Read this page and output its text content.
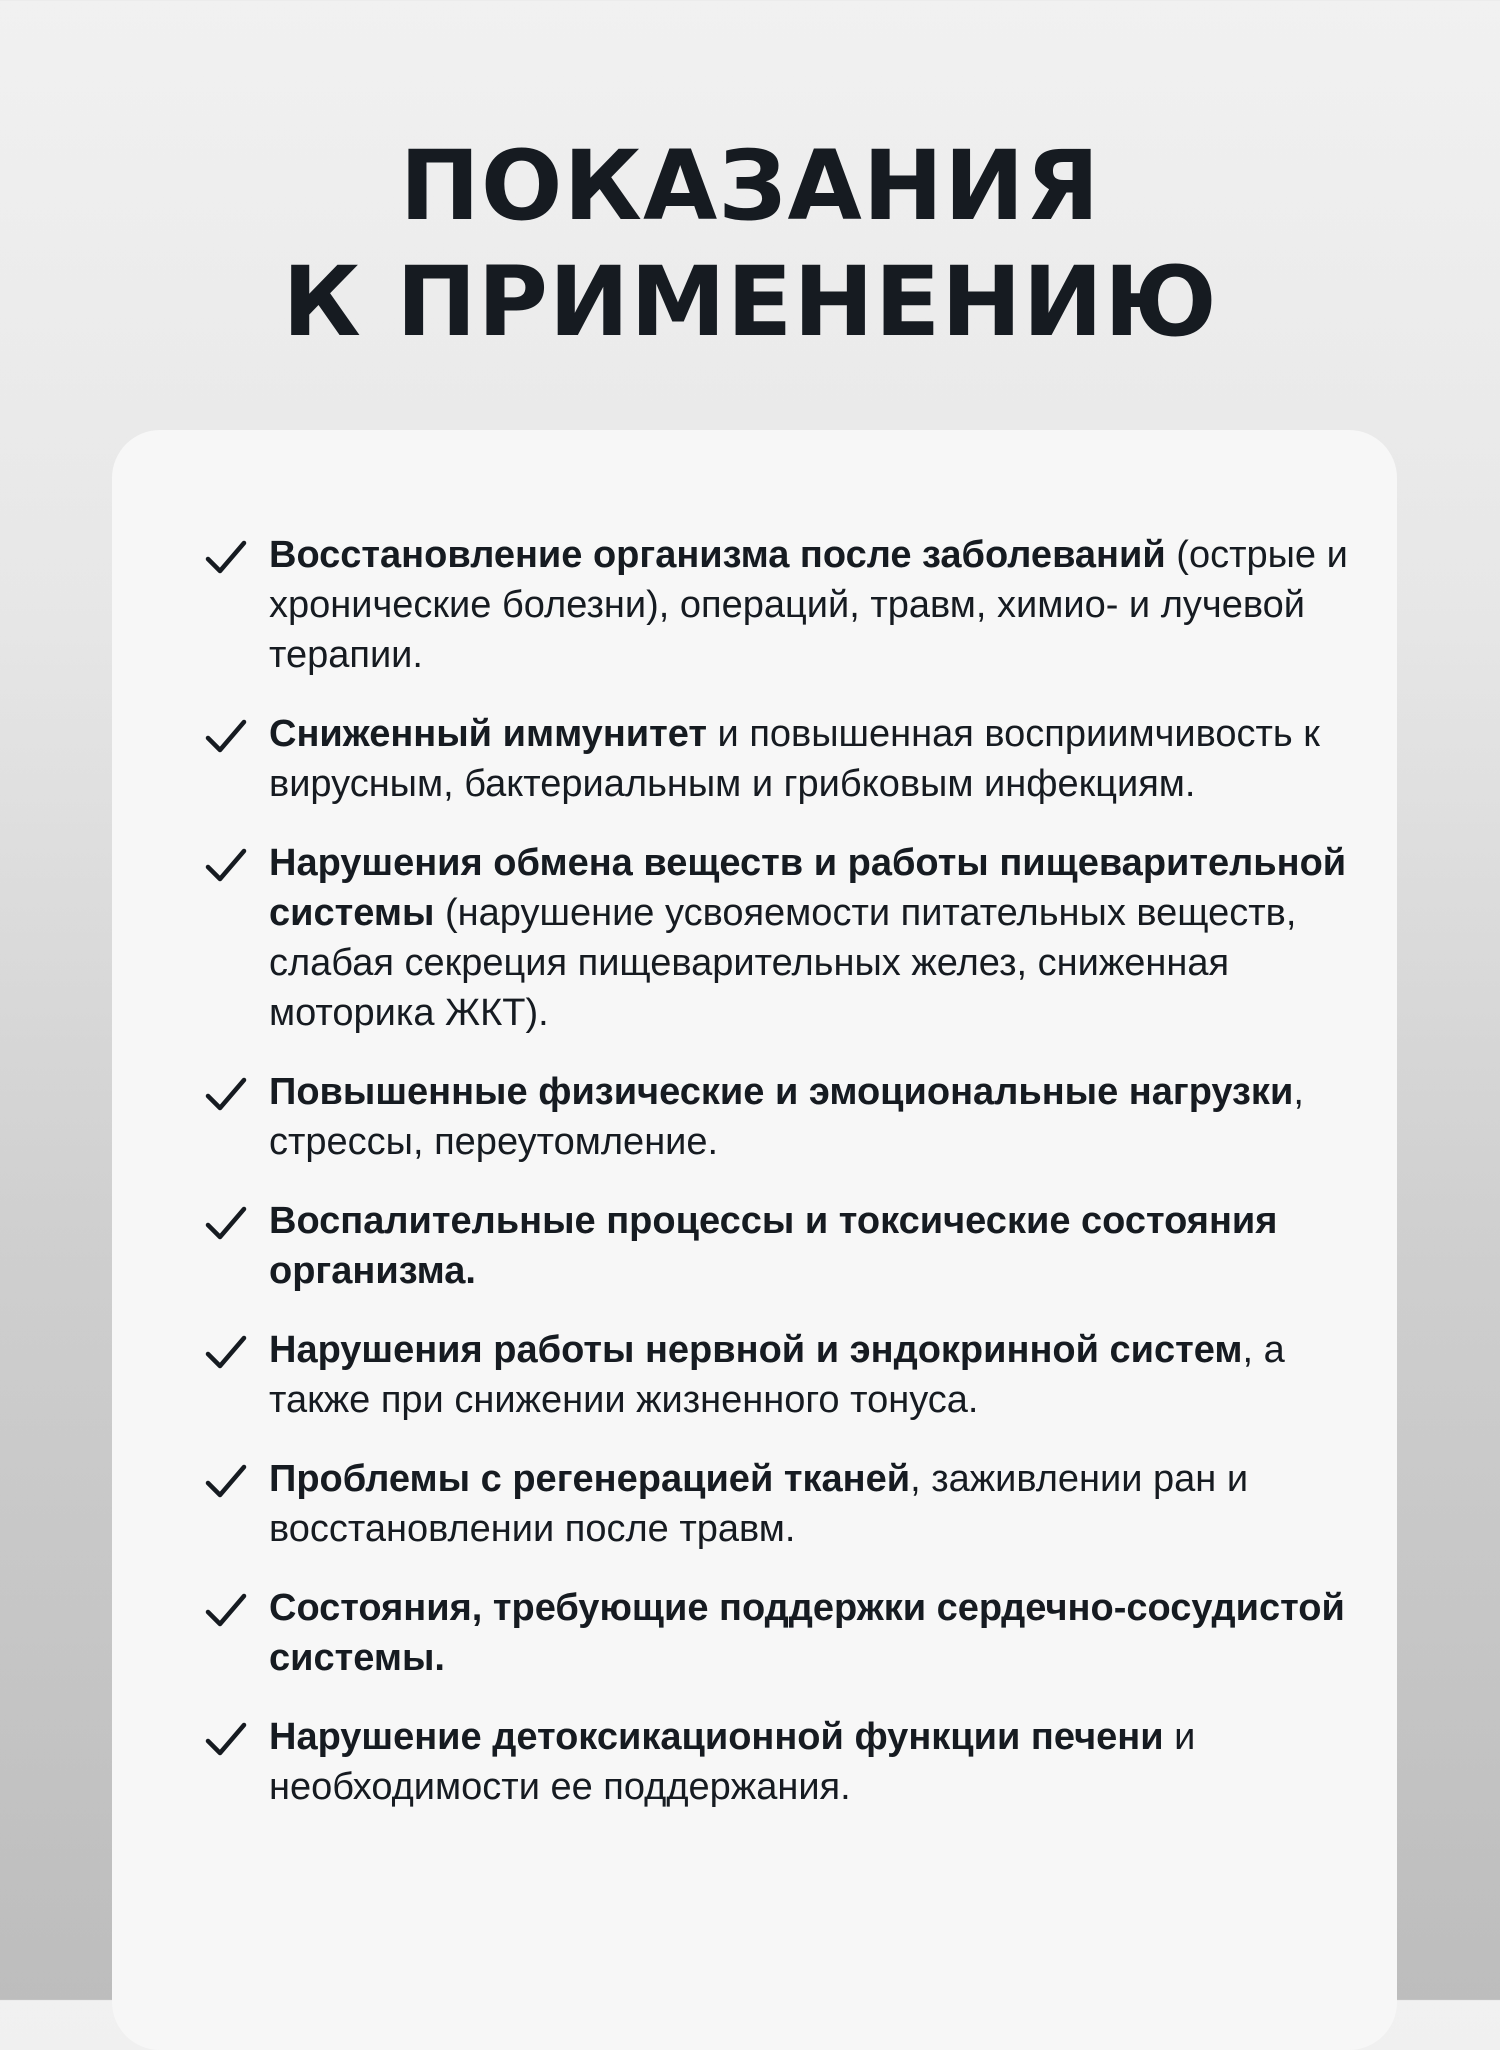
ПОКАЗАНИЯ
К ПРИМЕНЕНИЮ
Восстановление организма после заболеваний (острые и хронические болезни), операций, травм, химио- и лучевой терапии.
Сниженный иммунитет и повышенная восприимчивость к вирусным, бактериальным и грибковым инфекциям.
Нарушения обмена веществ и работы пищеварительной системы (нарушение усвояемости питательных веществ, слабая секреция пищеварительных желез, сниженная моторика ЖКТ).
Повышенные физические и эмоциональные нагрузки, стрессы, переутомление.
Воспалительные процессы и токсические состояния организма.
Нарушения работы нервной и эндокринной систем, а также при снижении жизненного тонуса.
Проблемы с регенерацией тканей, заживлении ран и восстановлении после травм.
Состояния, требующие поддержки сердечно-сосудистой системы.
Нарушение детоксикационной функции печени и необходимости ее поддержания.
